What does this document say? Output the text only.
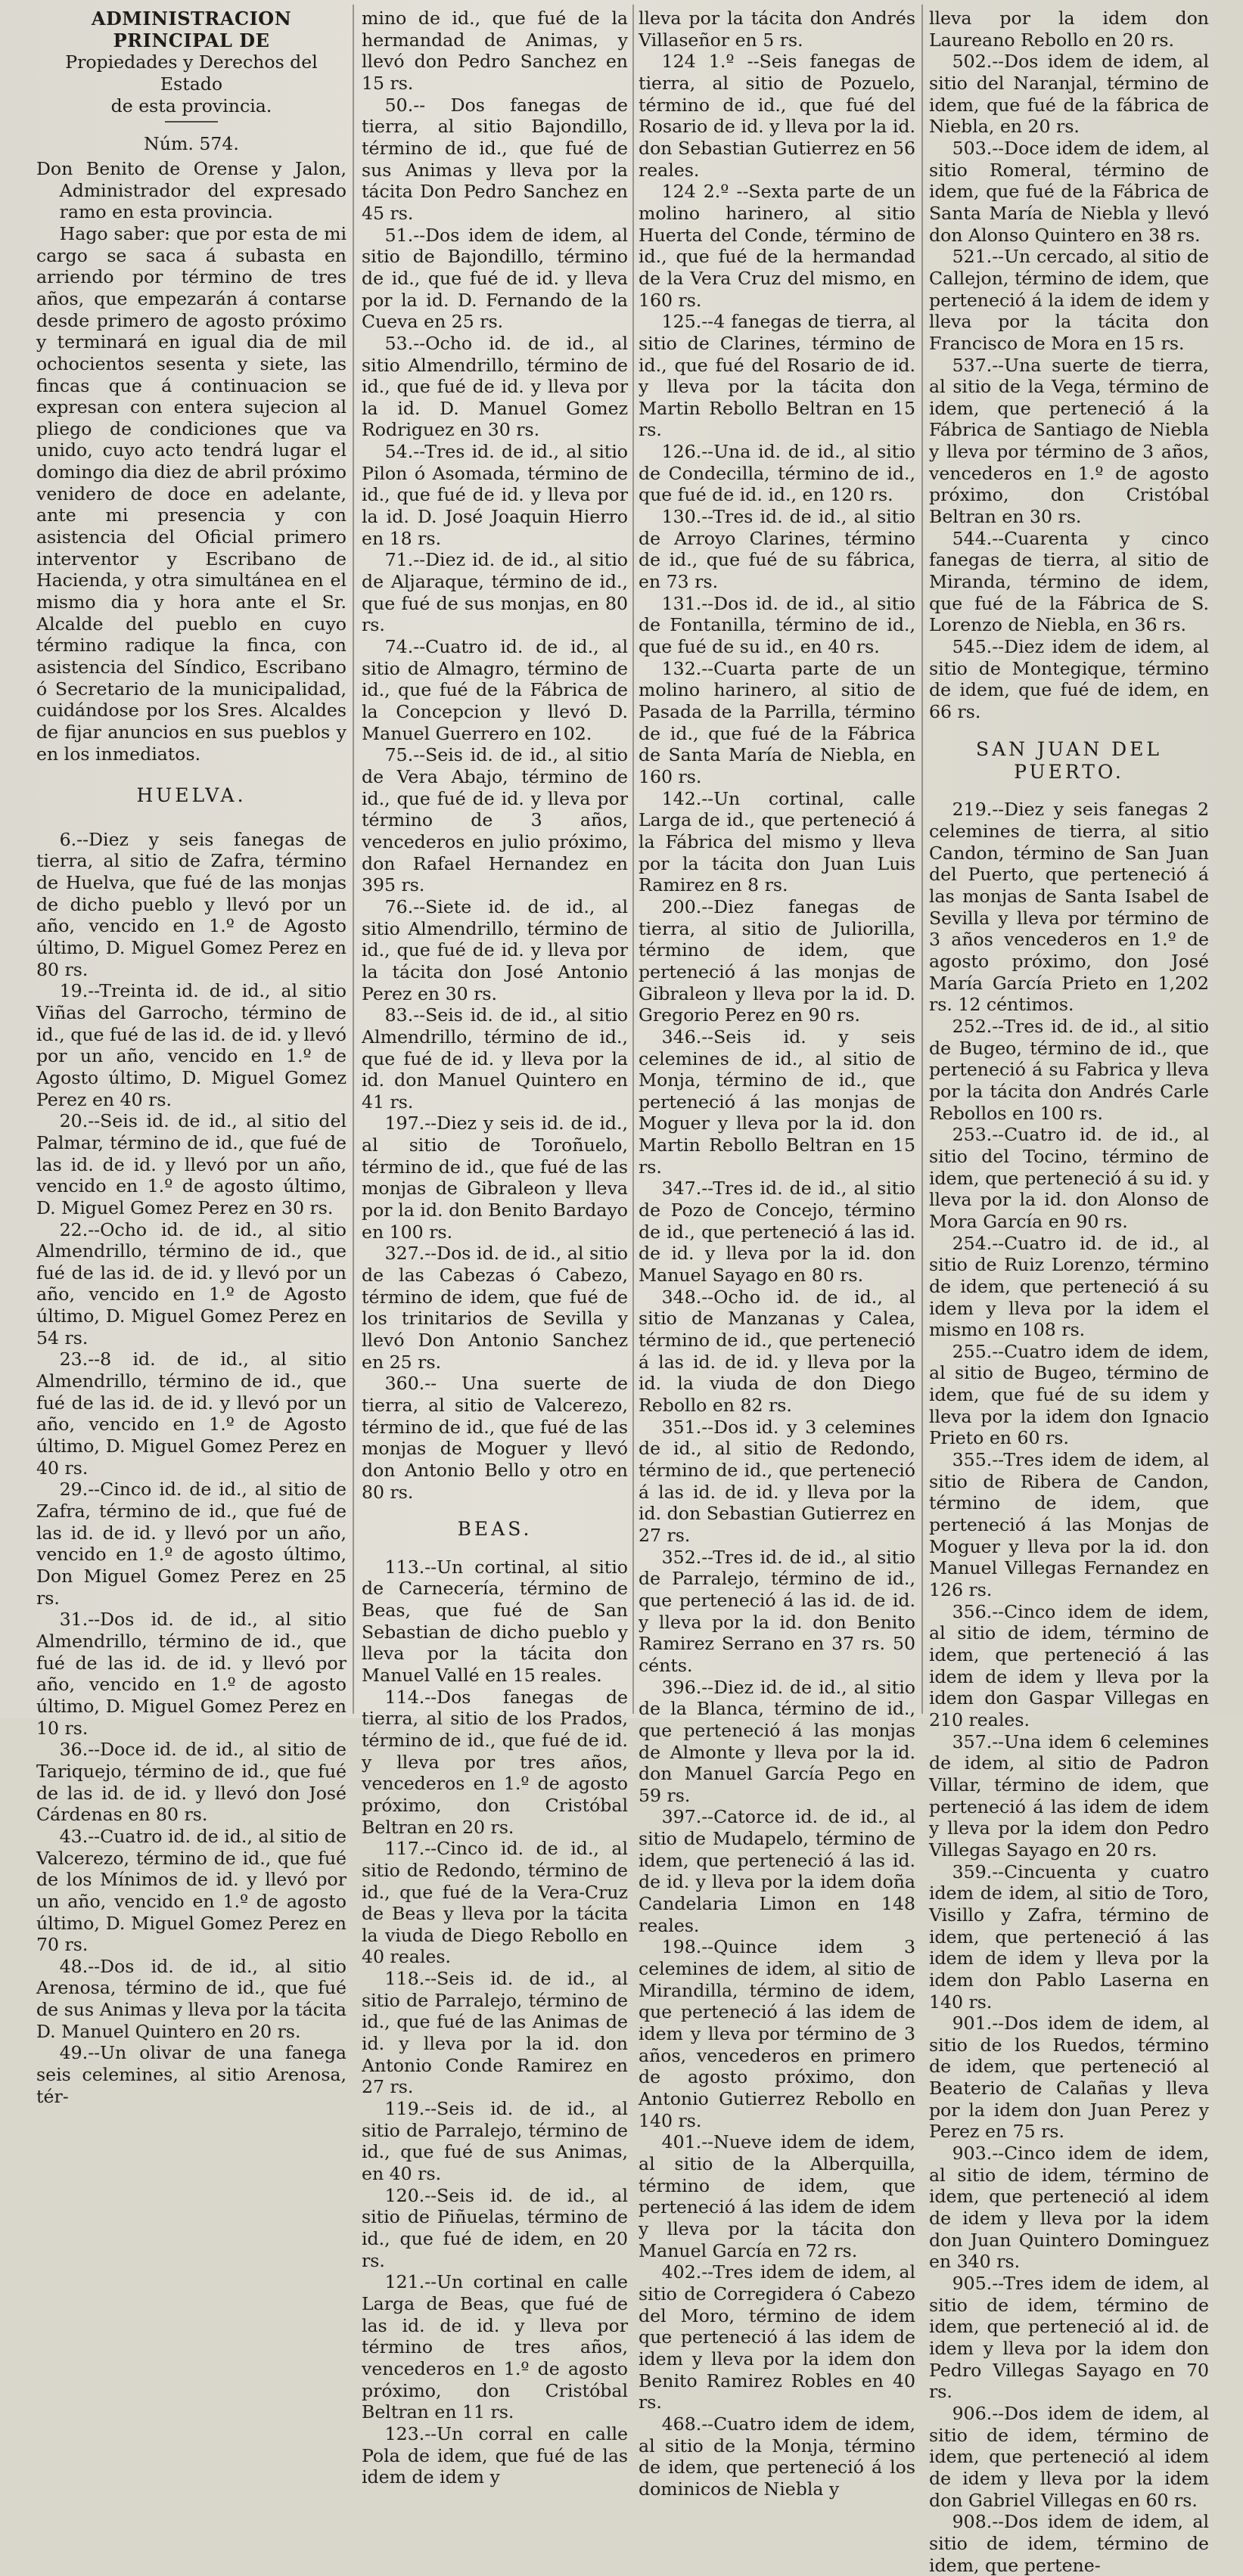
ADMINISTRACION PRINCIPAL DE
Propiedades y Derechos del Estado
de esta provincia.

Núm. 574.

Don Benito de Orense y Jalon, Administrador del expresado ramo en esta provincia.

Hago saber: que por esta de mi cargo se saca á subasta en arriendo por término de tres años, que empezarán á contarse desde primero de agosto próximo y terminará en igual dia de mil ochocientos sesenta y siete, las fincas que á continuacion se expresan con entera sujecion al pliego de condiciones que va unido, cuyo acto tendrá lugar el domingo dia diez de abril próximo venidero de doce en adelante, ante mi presencia y con asistencia del Oficial primero interventor y Escribano de Hacienda, y otra simultánea en el mismo dia y hora ante el Sr. Alcalde del pueblo en cuyo término radique la finca, con asistencia del Síndico, Escribano ó Secretario de la municipalidad, cuidándose por los Sres. Alcaldes de fijar anuncios en sus pueblos y en los inmediatos.

HUELVA.

6.--Diez y seis fanegas de tierra, al sitio de Zafra, término de Huelva, que fué de las monjas de dicho pueblo y llevó por un año, vencido en 1.º de Agosto último, D. Miguel Gomez Perez en 80 rs.

19.--Treinta id. de id., al sitio Viñas del Garrocho, término de id., que fué de las id. de id. y llevó por un año, vencido en 1.º de Agosto último, D. Miguel Gomez Perez en 40 rs.

20.--Seis id. de id., al sitio del Palmar, término de id., que fué de las id. de id. y llevó por un año, vencido en 1.º de agosto último, D. Miguel Gomez Perez en 30 rs.

22.--Ocho id. de id., al sitio Almendrillo, término de id., que fué de las id. de id. y llevó por un año, vencido en 1.º de Agosto último, D. Miguel Gomez Perez en 54 rs.

23.--8 id. de id., al sitio Almendrillo, término de id., que fué de las id. de id. y llevó por un año, vencido en 1.º de Agosto último, D. Miguel Gomez Perez en 40 rs.

29.--Cinco id. de id., al sitio de Zafra, término de id., que fué de las id. de id. y llevó por un año, vencido en 1.º de agosto último, Don Miguel Gomez Perez en 25 rs.

31.--Dos id. de id., al sitio Almendrillo, término de id., que fué de las id. de id. y llevó por año, vencido en 1.º de agosto último, D. Miguel Gomez Perez en 10 rs.

36.--Doce id. de id., al sitio de Tariquejo, término de id., que fué de las id. de id. y llevó don José Cárdenas en 80 rs.

43.--Cuatro id. de id., al sitio de Valcerezo, término de id., que fué de los Mínimos de id. y llevó por un año, vencido en 1.º de agosto último, D. Miguel Gomez Perez en 70 rs.

48.--Dos id. de id., al sitio Arenosa, término de id., que fué de sus Animas y lleva por la tácita D. Manuel Quintero en 20 rs.

49.--Un olivar de una fanega seis celemines, al sitio Arenosa, tér-

mino de id., que fué de la hermandad de Animas, y llevó don Pedro Sanchez en 15 rs.

50.-- Dos fanegas de tierra, al sitio Bajondillo, término de id., que fué de sus Animas y lleva por la tácita Don Pedro Sanchez en 45 rs.

51.--Dos idem de idem, al sitio de Bajondillo, término de id., que fué de id. y lleva por la id. D. Fernando de la Cueva en 25 rs.

53.--Ocho id. de id., al sitio Almendrillo, término de id., que fué de id. y lleva por la id. D. Manuel Gomez Rodriguez en 30 rs.

54.--Tres id. de id., al sitio Pilon ó Asomada, término de id., que fué de id. y lleva por la id. D. José Joaquin Hierro en 18 rs.

71.--Diez id. de id., al sitio de Aljaraque, término de id., que fué de sus monjas, en 80 rs.

74.--Cuatro id. de id., al sitio de Almagro, término de id., que fué de la Fábrica de la Concepcion y llevó D. Manuel Guerrero en 102.

75.--Seis id. de id., al sitio de Vera Abajo, término de id., que fué de id. y lleva por término de 3 años, vencederos en julio próximo, don Rafael Hernandez en 395 rs.

76.--Siete id. de id., al sitio Almendrillo, término de id., que fué de id. y lleva por la tácita don José Antonio Perez en 30 rs.

83.--Seis id. de id., al sitio Almendrillo, término de id., que fué de id. y lleva por la id. don Manuel Quintero en 41 rs.

197.--Diez y seis id. de id., al sitio de Toroñuelo, término de id., que fué de las monjas de Gibraleon y lleva por la id. don Benito Bardayo en 100 rs.

327.--Dos id. de id., al sitio de las Cabezas ó Cabezo, término de idem, que fué de los trinitarios de Sevilla y llevó Don Antonio Sanchez en 25 rs.

360.-- Una suerte de tierra, al sitio de Valcerezo, término de id., que fué de las monjas de Moguer y llevó don Antonio Bello y otro en 80 rs.

BEAS.

113.--Un cortinal, al sitio de Carnecería, término de Beas, que fué de San Sebastian de dicho pueblo y lleva por la tácita don Manuel Vallé en 15 reales.

114.--Dos fanegas de tierra, al sitio de los Prados, término de id., que fué de id. y lleva por tres años, vencederos en 1.º de agosto próximo, don Cristóbal Beltran en 20 rs.

117.--Cinco id. de id., al sitio de Redondo, término de id., que fué de la Vera-Cruz de Beas y lleva por la tácita la viuda de Diego Rebollo en 40 reales.

118.--Seis id. de id., al sitio de Parralejo, término de id., que fué de las Animas de id. y lleva por la id. don Antonio Conde Ramirez en 27 rs.

119.--Seis id. de id., al sitio de Parralejo, término de id., que fué de sus Animas, en 40 rs.

120.--Seis id. de id., al sitio de Piñuelas, término de id., que fué de idem, en 20 rs.

121.--Un cortinal en calle Larga de Beas, que fué de las id. de id. y lleva por término de tres años, vencederos en 1.º de agosto próximo, don Cristóbal Beltran en 11 rs.

123.--Un corral en calle Pola de idem, que fué de las idem de idem y

lleva por la tácita don Andrés Villaseñor en 5 rs.

124 1.º --Seis fanegas de tierra, al sitio de Pozuelo, término de id., que fué del Rosario de id. y lleva por la id. don Sebastian Gutierrez en 56 reales.

124 2.º --Sexta parte de un molino harinero, al sitio Huerta del Conde, término de id., que fué de la hermandad de la Vera Cruz del mismo, en 160 rs.

125.--4 fanegas de tierra, al sitio de Clarines, término de id., que fué del Rosario de id. y lleva por la tácita don Martin Rebollo Beltran en 15 rs.

126.--Una id. de id., al sitio de Condecilla, término de id., que fué de id. id., en 120 rs.

130.--Tres id. de id., al sitio de Arroyo Clarines, término de id., que fué de su fábrica, en 73 rs.

131.--Dos id. de id., al sitio de Fontanilla, término de id., que fué de su id., en 40 rs.

132.--Cuarta parte de un molino harinero, al sitio de Pasada de la Parrilla, término de id., que fué de la Fábrica de Santa María de Niebla, en 160 rs.

142.--Un cortinal, calle Larga de id., que perteneció á la Fábrica del mismo y lleva por la tácita don Juan Luis Ramirez en 8 rs.

200.--Diez fanegas de tierra, al sitio de Juliorilla, término de idem, que perteneció á las monjas de Gibraleon y lleva por la id. D. Gregorio Perez en 90 rs.

346.--Seis id. y seis celemines de id., al sitio de Monja, término de id., que perteneció á las monjas de Moguer y lleva por la id. don Martin Rebollo Beltran en 15 rs.

347.--Tres id. de id., al sitio de Pozo de Concejo, término de id., que perteneció á las id. de id. y lleva por la id. don Manuel Sayago en 80 rs.

348.--Ocho id. de id., al sitio de Manzanas y Calea, término de id., que perteneció á las id. de id. y lleva por la id. la viuda de don Diego Rebollo en 82 rs.

351.--Dos id. y 3 celemines de id., al sitio de Redondo, término de id., que perteneció á las id. de id. y lleva por la id. don Sebastian Gutierrez en 27 rs.

352.--Tres id. de id., al sitio de Parralejo, término de id., que perteneció á las id. de id. y lleva por la id. don Benito Ramirez Serrano en 37 rs. 50 cénts.

396.--Diez id. de id., al sitio de la Blanca, término de id., que perteneció á las monjas de Almonte y lleva por la id. don Manuel García Pego en 59 rs.

397.--Catorce id. de id., al sitio de Mudapelo, término de idem, que perteneció á las id. de id. y lleva por la idem doña Candelaria Limon en 148 reales.

198.--Quince idem 3 celemines de idem, al sitio de Mirandilla, término de idem, que perteneció á las idem de idem y lleva por término de 3 años, vencederos en primero de agosto próximo, don Antonio Gutierrez Rebollo en 140 rs.

401.--Nueve idem de idem, al sitio de la Alberquilla, término de idem, que perteneció á las idem de idem y lleva por la tácita don Manuel García en 72 rs.

402.--Tres idem de idem, al sitio de Corregidera ó Cabezo del Moro, término de idem que perteneció á las idem de idem y lleva por la idem don Benito Ramirez Robles en 40 rs.

468.--Cuatro idem de idem, al sitio de la Monja, término de idem, que perteneció á los dominicos de Niebla y

lleva por la idem don Laureano Rebollo en 20 rs.

502.--Dos idem de idem, al sitio del Naranjal, término de idem, que fué de la fábrica de Niebla, en 20 rs.

503.--Doce idem de idem, al sitio Romeral, término de idem, que fué de la Fábrica de Santa María de Niebla y llevó don Alonso Quintero en 38 rs.

521.--Un cercado, al sitio de Callejon, término de idem, que perteneció á la idem de idem y lleva por la tácita don Francisco de Mora en 15 rs.

537.--Una suerte de tierra, al sitio de la Vega, término de idem, que perteneció á la Fábrica de Santiago de Niebla y lleva por término de 3 años, vencederos en 1.º de agosto próximo, don Cristóbal Beltran en 30 rs.

544.--Cuarenta y cinco fanegas de tierra, al sitio de Miranda, término de idem, que fué de la Fábrica de S. Lorenzo de Niebla, en 36 rs.

545.--Diez idem de idem, al sitio de Montegique, término de idem, que fué de idem, en 66 rs.

SAN JUAN DEL PUERTO.

219.--Diez y seis fanegas 2 celemines de tierra, al sitio Candon, término de San Juan del Puerto, que perteneció á las monjas de Santa Isabel de Sevilla y lleva por término de 3 años vencederos en 1.º de agosto próximo, don José María García Prieto en 1,202 rs. 12 céntimos.

252.--Tres id. de id., al sitio de Bugeo, término de id., que perteneció á su Fabrica y lleva por la tácita don Andrés Carle Rebollos en 100 rs.

253.--Cuatro id. de id., al sitio del Tocino, término de idem, que perteneció á su id. y lleva por la id. don Alonso de Mora García en 90 rs.

254.--Cuatro id. de id., al sitio de Ruiz Lorenzo, término de idem, que perteneció á su idem y lleva por la idem el mismo en 108 rs.

255.--Cuatro idem de idem, al sitio de Bugeo, término de idem, que fué de su idem y lleva por la idem don Ignacio Prieto en 60 rs.

355.--Tres idem de idem, al sitio de Ribera de Candon, término de idem, que perteneció á las Monjas de Moguer y lleva por la id. don Manuel Villegas Fernandez en 126 rs.

356.--Cinco idem de idem, al sitio de idem, término de idem, que perteneció á las idem de idem y lleva por la idem don Gaspar Villegas en 210 reales.

357.--Una idem 6 celemines de idem, al sitio de Padron Villar, término de idem, que perteneció á las idem de idem y lleva por la idem don Pedro Villegas Sayago en 20 rs.

359.--Cincuenta y cuatro idem de idem, al sitio de Toro, Visillo y Zafra, término de idem, que perteneció á las idem de idem y lleva por la idem don Pablo Laserna en 140 rs.

901.--Dos idem de idem, al sitio de los Ruedos, término de idem, que perteneció al Beaterio de Calañas y lleva por la idem don Juan Perez y Perez en 75 rs.

903.--Cinco idem de idem, al sitio de idem, término de idem, que perteneció al idem de idem y lleva por la idem don Juan Quintero Dominguez en 340 rs.

905.--Tres idem de idem, al sitio de idem, término de idem, que perteneció al id. de idem y lleva por la idem don Pedro Villegas Sayago en 70 rs.

906.--Dos idem de idem, al sitio de idem, término de idem, que perteneció al idem de idem y lleva por la idem don Gabriel Villegas en 60 rs.

908.--Dos idem de idem, al sitio de idem, término de idem, que pertene-
